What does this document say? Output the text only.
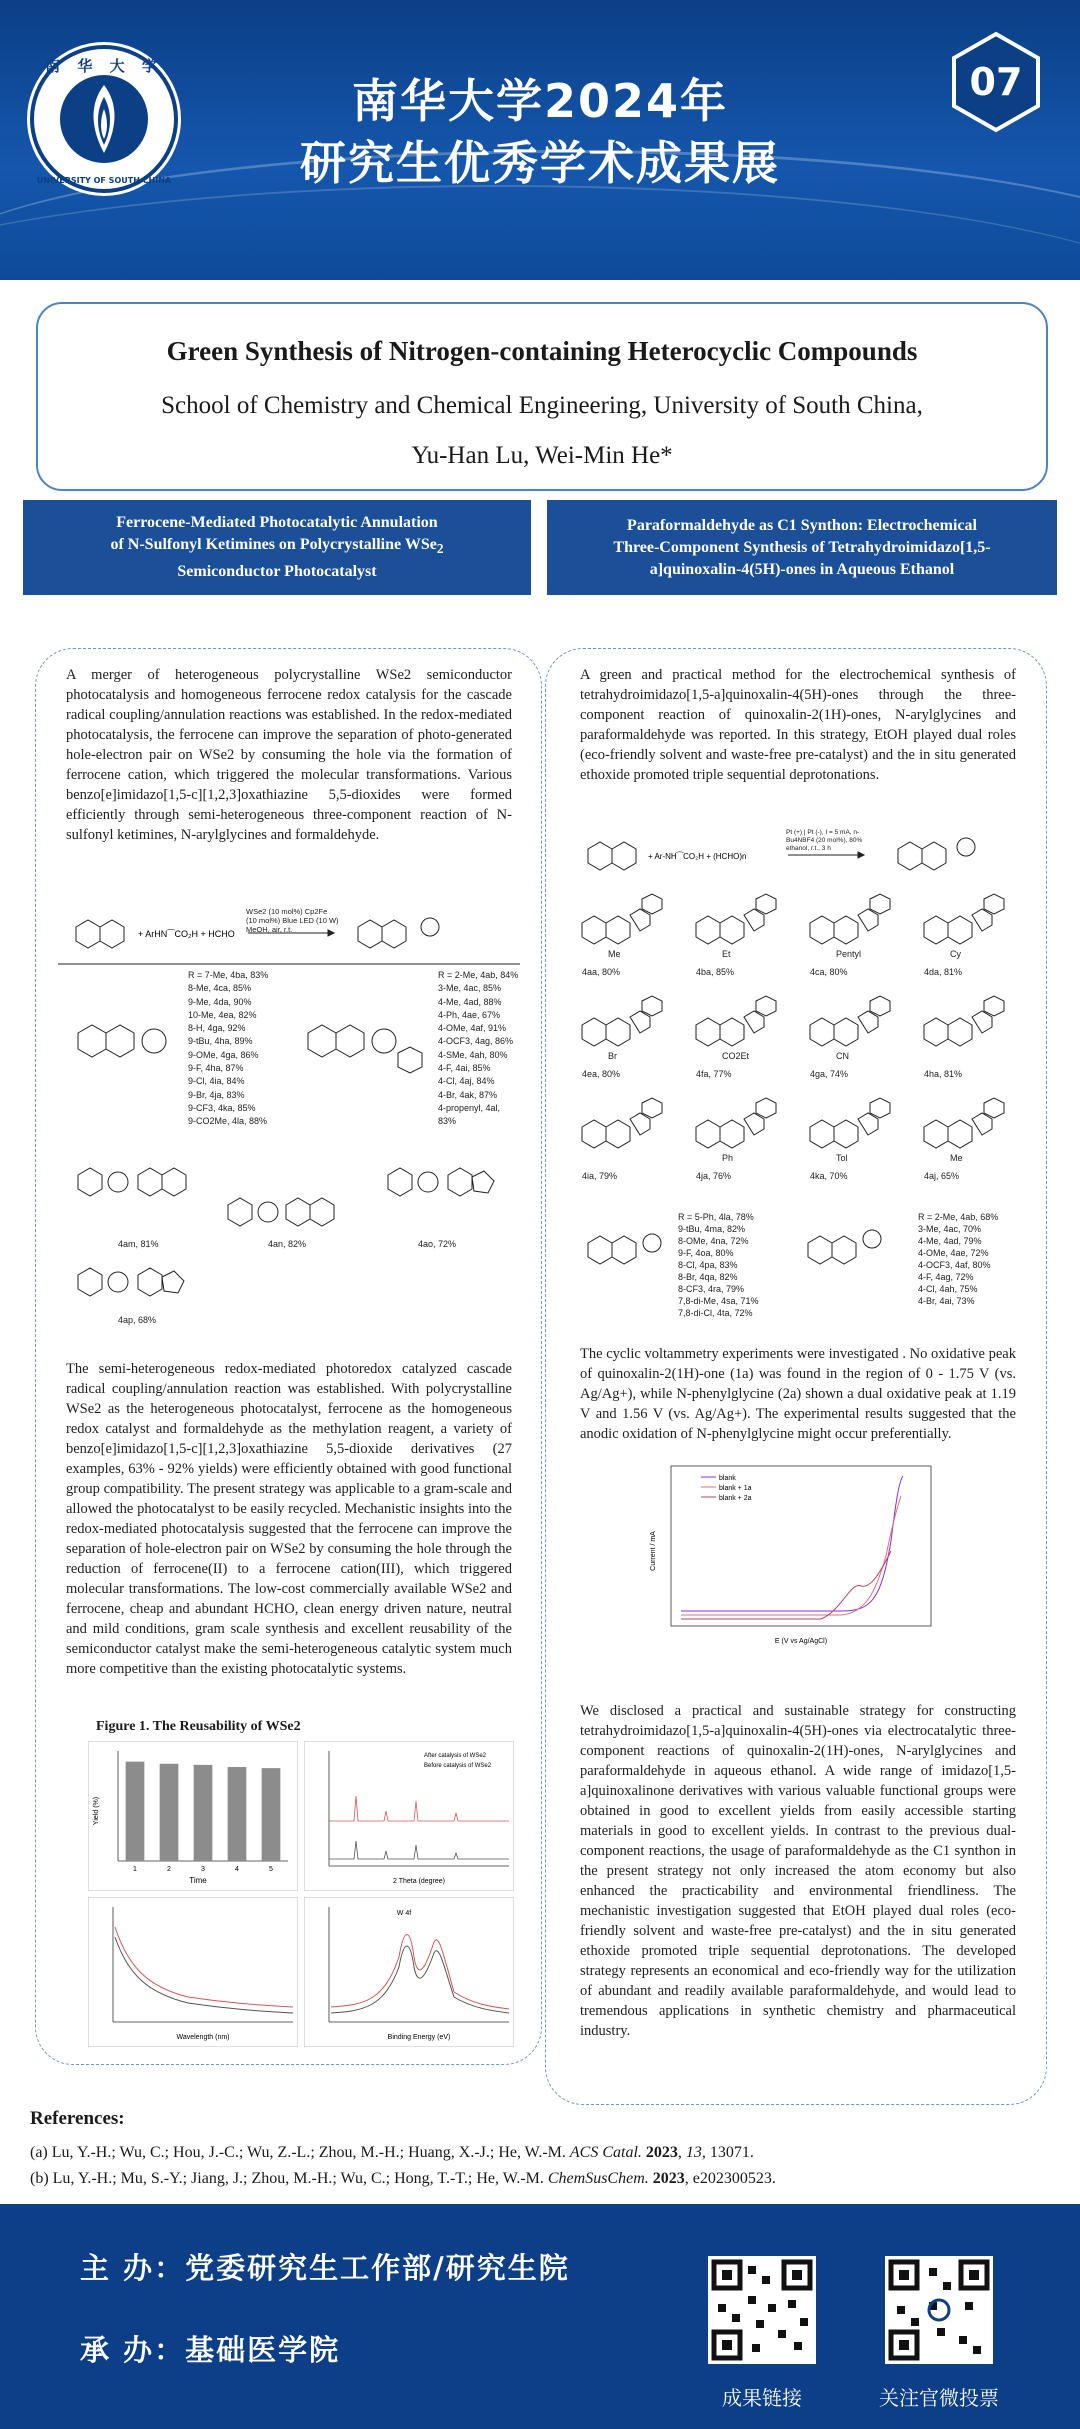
南 华 大 学
UNIVERSITY OF SOUTH CHINA
南华大学2024年
研究生优秀学术成果展
07
Green Synthesis of Nitrogen-containing Heterocyclic Compounds
School of Chemistry and Chemical Engineering, University of South China,
Yu-Han Lu, Wei-Min He*
Ferrocene-Mediated Photocatalytic Annulation
of N-Sulfonyl Ketimines on Polycrystalline WSe$_2$
Semiconductor Photocatalyst
Paraformaldehyde as C1 Synthon: Electrochemical
Three-Component Synthesis of Tetrahydroimidazo[1,5-
a]quinoxalin-4(5H)-ones in Aqueous Ethanol
A merger of heterogeneous polycrystalline WSe2 semiconductor photocatalysis and homogeneous ferrocene redox catalysis for the cascade radical coupling/annulation reactions was established. In the redox-mediated photocatalysis, the ferrocene can improve the separation of photo-generated hole-electron pair on WSe2 by consuming the hole via the formation of ferrocene cation, which triggered the molecular transformations. Various benzo[e]imidazo[1,5-c][1,2,3]oxathiazine 5,5-dioxides were formed efficiently through semi-heterogeneous three-component reaction of N-sulfonyl ketimines, N-arylglycines and formaldehyde.
+ ArHN⁀CO₂H + HCHO
WSe2 (10 mol%) Cp2Fe (10 mol%) Blue LED (10 W) MeOH, air, r.t.
R = 7-Me, 4ba, 83%
8-Me, 4ca, 85%
9-Me, 4da, 90%
10-Me, 4ea, 82%
8-H, 4ga, 92%
9-tBu, 4ha, 89%
9-OMe, 4ga, 86%
9-F, 4ha, 87%
9-Cl, 4ia, 84%
9-Br, 4ja, 83%
9-CF3, 4ka, 85%
9-CO2Me, 4la, 88%
R = 2-Me, 4ab, 84%
3-Me, 4ac, 85%
4-Me, 4ad, 88%
4-Ph, 4ae, 67%
4-OMe, 4af, 91%
4-OCF3, 4ag, 86%
4-SMe, 4ah, 80%
4-F, 4ai, 85%
4-Cl, 4aj, 84%
4-Br, 4ak, 87%
4-propenyl, 4al, 83%
4am, 81%	4an, 82%	4ao, 72%
4ap, 68%
The semi-heterogeneous redox-mediated photoredox catalyzed cascade radical coupling/annulation reaction was established. With polycrystalline WSe2 as the heterogeneous photocatalyst, ferrocene as the homogeneous redox catalyst and formaldehyde as the methylation reagent, a variety of benzo[e]imidazo[1,5-c][1,2,3]oxathiazine 5,5-dioxide derivatives (27 examples, 63% - 92% yields) were efficiently obtained with good functional group compatibility. The present strategy was applicable to a gram-scale and allowed the photocatalyst to be easily recycled. Mechanistic insights into the redox-mediated photocatalysis suggested that the ferrocene can improve the separation of hole-electron pair on WSe2 by consuming the hole through the reduction of ferrocene(II) to a ferrocene cation(III), which triggered molecular transformations. The low-cost commercially available WSe2 and ferrocene, cheap and abundant HCHO, clean energy driven nature, neutral and mild conditions, gram scale synthesis and excellent reusability of the semiconductor catalyst make the semi-heterogeneous catalytic system much more competitive than the existing photocatalytic systems.
Figure 1. The Reusability of WSe2
1	2	3	4	5
Time
Yield (%)
After catalysis of WSe2
Before catalysis of WSe2
2 Theta (degree)
Wavelength (nm)
W 4f
Binding Energy (eV)
A green and practical method for the electrochemical synthesis of tetrahydroimidazo[1,5-a]quinoxalin-4(5H)-ones through the three-component reaction of quinoxalin-2(1H)-ones, N-arylglycines and paraformaldehyde was reported. In this strategy, EtOH played dual roles (eco-friendly solvent and waste-free pre-catalyst) and the in situ generated ethoxide promoted triple sequential deprotonations.
+ Ar-NH⁀CO₂H + (HCHO)n
Pt (+) | Pt (-), I = 5 mA, n-Bu4NBF4 (20 mol%), 80% ethanol, r.t., 3 h
Me
4aa, 80%
Et
4ba, 85%
Pentyl
4ca, 80%
Cy
4da, 81%
Br
4ea, 80%
CO2Et
4fa, 77%
CN
4ga, 74%	4ha, 81%
4ia, 79%
Ph
4ja, 76%
Tol
4ka, 70%
Me
4aj, 65%
R = 5-Ph, 4la, 78%
9-tBu, 4ma, 82%
8-OMe, 4na, 72%
9-F, 4oa, 80%
8-Cl, 4pa, 83%
8-Br, 4qa, 82%
8-CF3, 4ra, 79%
7,8-di-Me, 4sa, 71%
7,8-di-Cl, 4ta, 72%
R = 2-Me, 4ab, 68%
3-Me, 4ac, 70%
4-Me, 4ad, 79%
4-OMe, 4ae, 72%
4-OCF3, 4af, 80%
4-F, 4ag, 72%
4-Cl, 4ah, 75%
4-Br, 4ai, 73%
The cyclic voltammetry experiments were investigated . No oxidative peak of quinoxalin-2(1H)-one (1a) was found in the region of 0 - 1.75 V (vs. Ag/Ag+), while N-phenylglycine (2a) shown a dual oxidative peak at 1.19 V and 1.56 V (vs. Ag/Ag+). The experimental results suggested that the anodic oxidation of N-phenylglycine might occur preferentially.
blank
blank + 1a
blank + 2a
Current / mA
E (V vs Ag/AgCl)
We disclosed a practical and sustainable strategy for constructing tetrahydroimidazo[1,5-a]quinoxalin-4(5H)-ones via electrocatalytic three-component reactions of quinoxalin-2(1H)-ones, N-arylglycines and paraformaldehyde in aqueous ethanol. A wide range of imidazo[1,5-a]quinoxalinone derivatives with various valuable functional groups were obtained in good to excellent yields from easily accessible starting materials in good to excellent yields. In contrast to the previous dual-component reactions, the usage of paraformaldehyde as the C1 synthon in the present strategy not only increased the atom economy but also enhanced the practicability and environmental friendliness. The mechanistic investigation suggested that EtOH played dual roles (eco-friendly solvent and waste-free pre-catalyst) and the in situ generated ethoxide promoted triple sequential deprotonations. The developed strategy represents an economical and eco-friendly way for the utilization of abundant and readily available paraformaldehyde, and would lead to tremendous applications in synthetic chemistry and pharmaceutical industry.
References:
(a) Lu, Y.-H.; Wu, C.; Hou, J.-C.; Wu, Z.-L.; Zhou, M.-H.; Huang, X.-J.; He, W.-M. ACS Catal. 2023, 13, 13071.
(b) Lu, Y.-H.; Mu, S.-Y.; Jiang, J.; Zhou, M.-H.; Wu, C.; Hong, T.-T.; He, W.-M. ChemSusChem. 2023, e202300523.
主 办：党委研究生工作部/研究生院
承 办：基础医学院
成果链接	关注官微投票
